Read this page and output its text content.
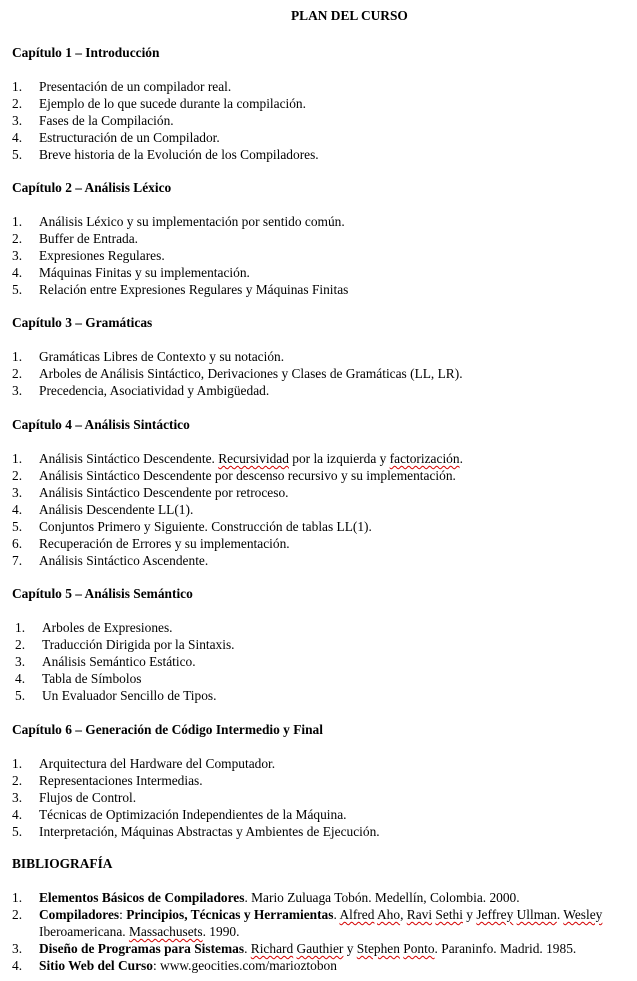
PLAN DEL CURSO
Capítulo 1 – Introducción
1. Presentación de un compilador real.
2. Ejemplo de lo que sucede durante la compilación.
3. Fases de la Compilación.
4. Estructuración de un Compilador.
5. Breve historia de la Evolución de los Compiladores.
Capítulo 2 – Análisis Léxico
1. Análisis Léxico y su implementación por sentido común.
2. Buffer de Entrada.
3. Expresiones Regulares.
4. Máquinas Finitas y su implementación.
5. Relación entre Expresiones Regulares y Máquinas Finitas
Capítulo 3 – Gramáticas
1. Gramáticas Libres de Contexto y su notación.
2. Arboles de Análisis Sintáctico, Derivaciones y Clases de Gramáticas (LL, LR).
3. Precedencia, Asociatividad y Ambigüedad.
Capítulo 4 – Análisis Sintáctico
1. Análisis Sintáctico Descendente. Recursividad por la izquierda y factorización.
2. Análisis Sintáctico Descendente por descenso recursivo y su implementación.
3. Análisis Sintáctico Descendente por retroceso.
4. Análisis Descendente LL(1).
5. Conjuntos Primero y Siguiente. Construcción de tablas LL(1).
6. Recuperación de Errores y su implementación.
7. Análisis Sintáctico Ascendente.
Capítulo 5 – Análisis Semántico
1. Arboles de Expresiones.
2. Traducción Dirigida por la Sintaxis.
3. Análisis Semántico Estático.
4. Tabla de Símbolos
5. Un Evaluador Sencillo de Tipos.
Capítulo 6 – Generación de Código Intermedio y Final
1. Arquitectura del Hardware del Computador.
2. Representaciones Intermedias.
3. Flujos de Control.
4. Técnicas de Optimización Independientes de la Máquina.
5. Interpretación, Máquinas Abstractas y Ambientes de Ejecución.
BIBLIOGRAFÍA
1. Elementos Básicos de Compiladores. Mario Zuluaga Tobón. Medellín, Colombia. 2000.
2. Compiladores: Principios, Técnicas y Herramientas. Alfred Aho, Ravi Sethi y Jeffrey Ullman. Wesley Iberoamericana. Massachusets. 1990.
3. Diseño de Programas para Sistemas. Richard Gauthier y Stephen Ponto. Paraninfo. Madrid. 1985.
4. Sitio Web del Curso: www.geocities.com/marioztobon
